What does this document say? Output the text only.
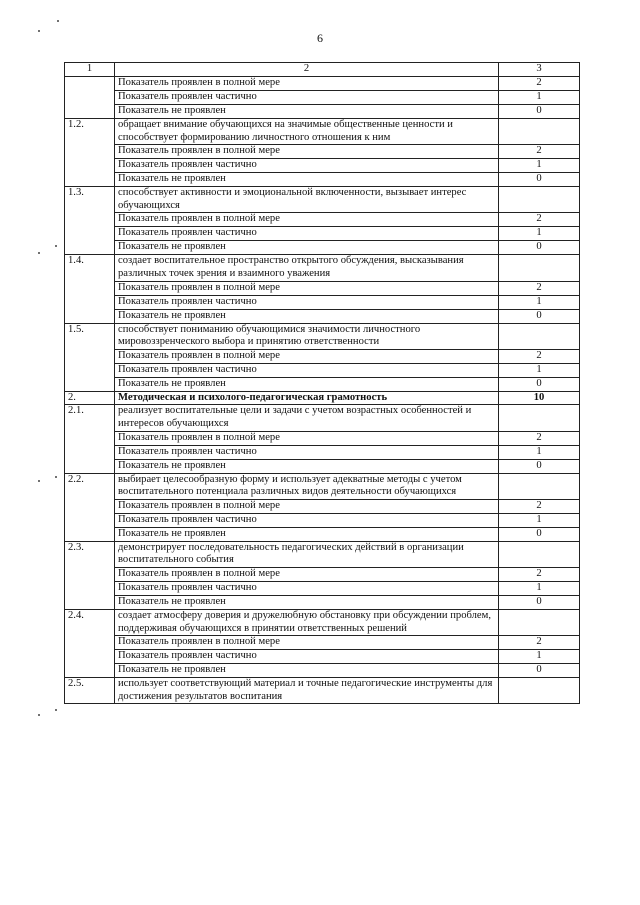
6
1	2	3
	Показатель проявлен в полной мере	2
	Показатель проявлен частично	1
	Показатель не проявлен	0
1.2.	обращает внимание обучающихся на значимые общественные ценности и способствует формированию личностного отношения к ним	
	Показатель проявлен в полной мере	2
	Показатель проявлен частично	1
	Показатель не проявлен	0
1.3.	способствует активности и эмоциональной включенности, вызывает интерес обучающихся	
	Показатель проявлен в полной мере	2
	Показатель проявлен частично	1
	Показатель не проявлен	0
1.4.	создает воспитательное пространство открытого обсуждения, высказывания различных точек зрения и взаимного уважения	
	Показатель проявлен в полной мере	2
	Показатель проявлен частично	1
	Показатель не проявлен	0
1.5.	способствует пониманию обучающимися значимости личностного мировоззренческого выбора и принятию ответственности	
	Показатель проявлен в полной мере	2
	Показатель проявлен частично	1
	Показатель не проявлен	0
2.	Методическая и психолого-педагогическая грамотность	10
2.1.	реализует воспитательные цели и задачи с учетом возрастных особенностей и интересов обучающихся	
	Показатель проявлен в полной мере	2
	Показатель проявлен частично	1
	Показатель не проявлен	0
2.2.	выбирает целесообразную форму и использует адекватные методы с учетом воспитательного потенциала различных видов деятельности обучающихся	
	Показатель проявлен в полной мере	2
	Показатель проявлен частично	1
	Показатель не проявлен	0
2.3.	демонстрирует последовательность педагогических действий в организации воспитательного события	
	Показатель проявлен в полной мере	2
	Показатель проявлен частично	1
	Показатель не проявлен	0
2.4.	создает атмосферу доверия и дружелюбную обстановку при обсуждении проблем, поддерживая обучающихся в принятии ответственных решений	
	Показатель проявлен в полной мере	2
	Показатель проявлен частично	1
	Показатель не проявлен	0
2.5.	использует соответствующий материал и точные педагогические инструменты для достижения результатов воспитания	
